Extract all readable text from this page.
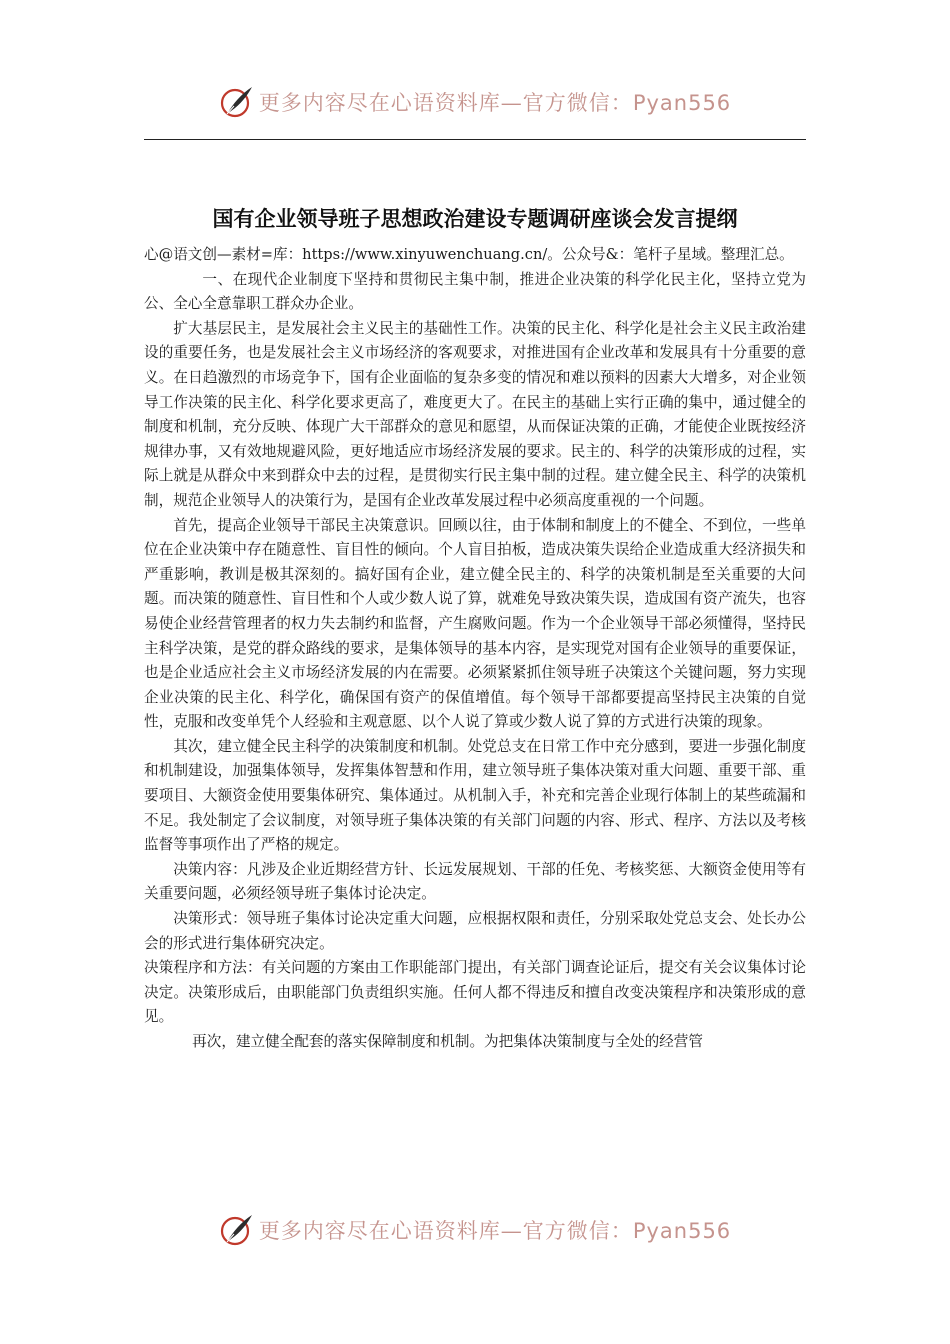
更多内容尽在心语资料库—官方微信：Pyan556
国有企业领导班子思想政治建设专题调研座谈会发言提纲

心@语文创—素材=库：https://www.xinyuwenchuang.cn/。公众号&：笔杆子星域。整理汇总。

一、在现代企业制度下坚持和贯彻民主集中制，推进企业决策的科学化民主化，坚持立党为公、全心全意靠职工群众办企业。

扩大基层民主，是发展社会主义民主的基础性工作。决策的民主化、科学化是社会主义民主政治建设的重要任务，也是发展社会主义市场经济的客观要求，对推进国有企业改革和发展具有十分重要的意义。在日趋激烈的市场竞争下，国有企业面临的复杂多变的情况和难以预料的因素大大增多，对企业领导工作决策的民主化、科学化要求更高了，难度更大了。在民主的基础上实行正确的集中，通过健全的制度和机制，充分反映、体现广大干部群众的意见和愿望，从而保证决策的正确，才能使企业既按经济规律办事，又有效地规避风险，更好地适应市场经济发展的要求。民主的、科学的决策形成的过程，实际上就是从群众中来到群众中去的过程，是贯彻实行民主集中制的过程。建立健全民主、科学的决策机制，规范企业领导人的决策行为，是国有企业改革发展过程中必须高度重视的一个问题。

首先，提高企业领导干部民主决策意识。回顾以往，由于体制和制度上的不健全、不到位，一些单位在企业决策中存在随意性、盲目性的倾向。个人盲目拍板，造成决策失误给企业造成重大经济损失和严重影响，教训是极其深刻的。搞好国有企业，建立健全民主的、科学的决策机制是至关重要的大问题。而决策的随意性、盲目性和个人或少数人说了算，就难免导致决策失误，造成国有资产流失，也容易使企业经营管理者的权力失去制约和监督，产生腐败问题。作为一个企业领导干部必须懂得，坚持民主科学决策，是党的群众路线的要求，是集体领导的基本内容，是实现党对国有企业领导的重要保证，也是企业适应社会主义市场经济发展的内在需要。必须紧紧抓住领导班子决策这个关键问题，努力实现企业决策的民主化、科学化，确保国有资产的保值增值。每个领导干部都要提高坚持民主决策的自觉性，克服和改变单凭个人经验和主观意愿、以个人说了算或少数人说了算的方式进行决策的现象。

其次，建立健全民主科学的决策制度和机制。处党总支在日常工作中充分感到，要进一步强化制度和机制建设，加强集体领导，发挥集体智慧和作用，建立领导班子集体决策对重大问题、重要干部、重要项目、大额资金使用要集体研究、集体通过。从机制入手，补充和完善企业现行体制上的某些疏漏和不足。我处制定了会议制度，对领导班子集体决策的有关部门问题的内容、形式、程序、方法以及考核监督等事项作出了严格的规定。

决策内容：凡涉及企业近期经营方针、长远发展规划、干部的任免、考核奖惩、大额资金使用等有关重要问题，必须经领导班子集体讨论决定。

决策形式：领导班子集体讨论决定重大问题，应根据权限和责任，分别采取处党总支会、处长办公会的形式进行集体研究决定。

决策程序和方法：有关问题的方案由工作职能部门提出，有关部门调查论证后，提交有关会议集体讨论决定。决策形成后，由职能部门负责组织实施。任何人都不得违反和擅自改变决策程序和决策形成的意见。

再次，建立健全配套的落实保障制度和机制。为把集体决策制度与全处的经营管

更多内容尽在心语资料库—官方微信：Pyan556
